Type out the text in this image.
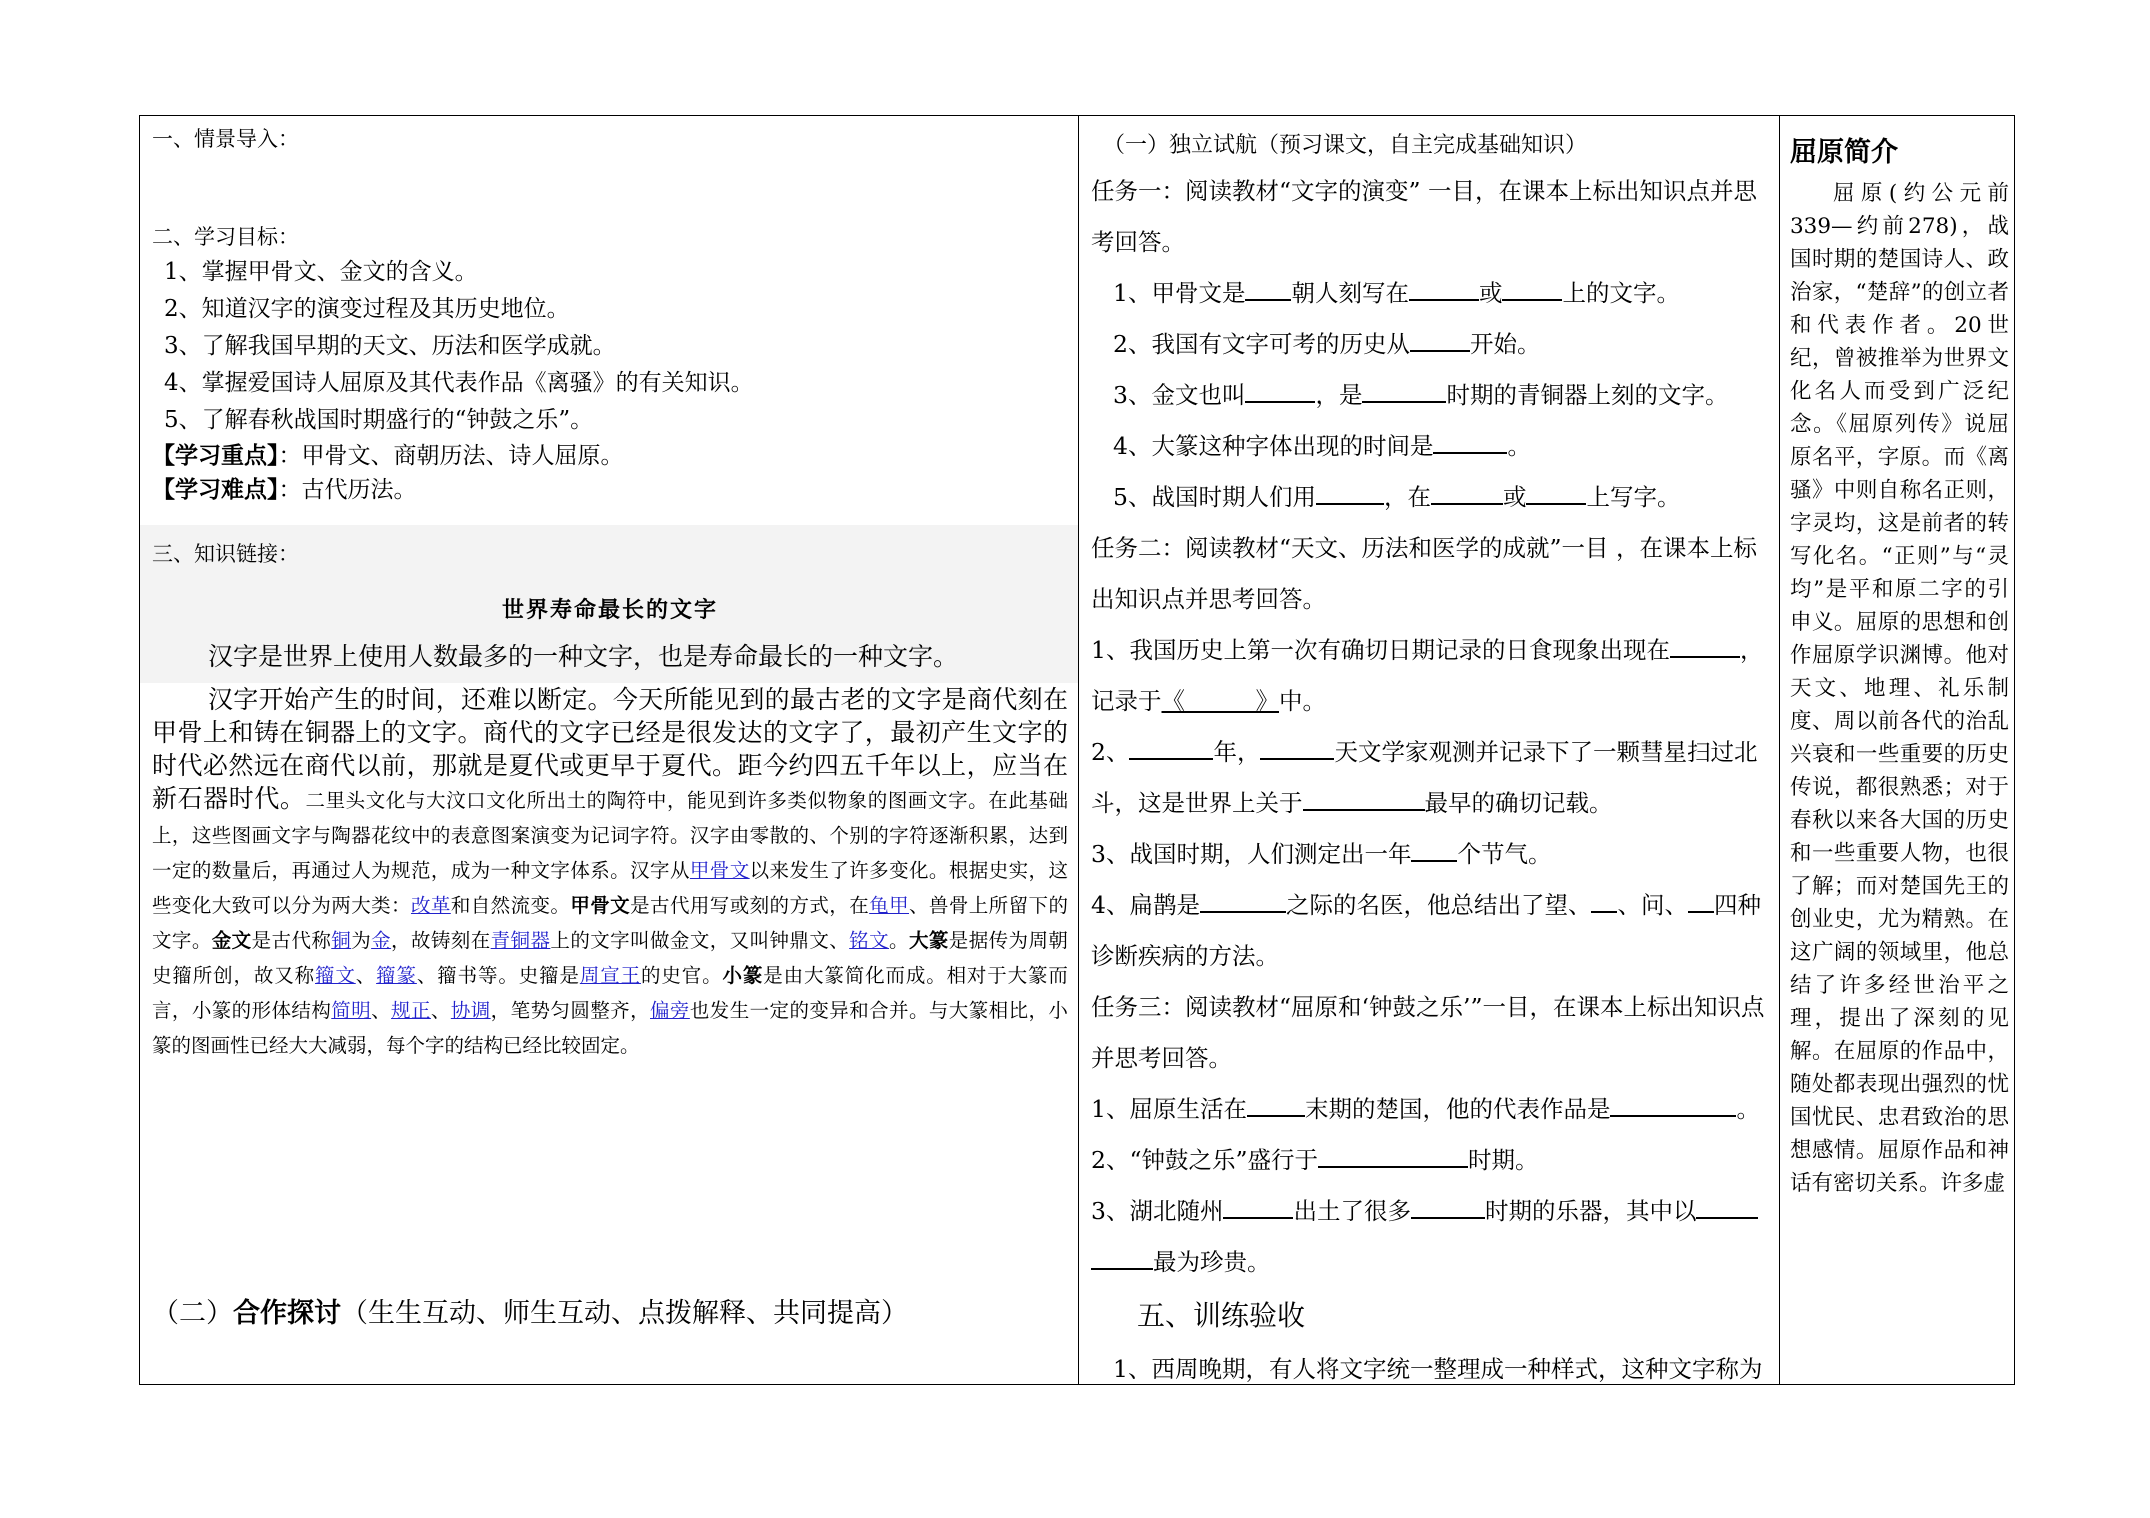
一、情景导入：

二、学习目标：

1、掌握甲骨文、金文的含义。

2、知道汉字的演变过程及其历史地位。

3、了解我国早期的天文、历法和医学成就。

4、掌握爱国诗人屈原及其代表作品《离骚》的有关知识。

5、了解春秋战国时期盛行的“钟鼓之乐”。

【学习重点】：甲骨文、商朝历法、诗人屈原。

【学习难点】：古代历法。

三、知识链接：

世界寿命最长的文字

汉字是世界上使用人数最多的一种文字，也是寿命最长的一种文字。

汉字开始产生的时间，还难以断定。今天所能见到的最古老的文字是商代刻在甲骨上和铸在铜器上的文字。商代的文字已经是很发达的文字了，最初产生文字的时代必然远在商代以前，那就是夏代或更早于夏代。距今约四五千年以上，应当在新石器时代。二里头文化与大汶口文化所出土的陶符中，能见到许多类似物象的图画文字。在此基础上，这些图画文字与陶器花纹中的表意图案演变为记词字符。汉字由零散的、个别的字符逐渐积累，达到一定的数量后，再通过人为规范，成为一种文字体系。汉字从甲骨文以来发生了许多变化。根据史实，这些变化大致可以分为两大类：改革和自然流变。甲骨文是古代用写或刻的方式，在龟甲、兽骨上所留下的文字。金文是古代称铜为金，故铸刻在青铜器上的文字叫做金文，又叫钟鼎文、铭文。大篆是据传为周朝史籀所创，故又称籀文、籀篆、籀书等。史籀是周宣王的史官。小篆是由大篆简化而成。相对于大篆而言，小篆的形体结构简明、规正、协调，笔势匀圆整齐，偏旁也发生一定的变异和合并。与大篆相比，小篆的图画性已经大大减弱，每个字的结构已经比较固定。

（二）合作探讨（生生互动、师生互动、点拨解释、共同提高）

（一）独立试航（预习课文，自主完成基础知识）

任务一：阅读教材“文字的演变” 一目，在课本上标出知识点并思考回答。

1、甲骨文是 朝人刻写在	或	上的文字。

2、我国有文字可考的历史从	开始。

3、金文也叫	，是	时期的青铜器上刻的文字。

4、大篆这种字体出现的时间是	。

5、战国时期人们用	，在	或	上写字。

任务二：阅读教材“天文、历法和医学的成就”一目 ，在课本上标出知识点并思考回答。

1、我国历史上第一次有确切日期记录的日食现象出现在	，

记录于《　　　	》中。

2、	年，	天文学家观测并记录下了一颗彗星扫过北

斗，这是世界上关于	最早的确切记载。

3、战国时期，人们测定出一年 个节气。

4、扁鹊是	之际的名医，他总结出了望、 、问、 四种

诊断疾病的方法。

任务三：阅读教材“屈原和‘钟鼓之乐’”一目，在课本上标出知识点并思考回答。

1、屈原生活在 末期的楚国，他的代表作品是	。

2、“钟鼓之乐”盛行于	时期。

3、湖北随州	出土了很多	时期的乐器，其中以

最为珍贵。

五、训练验收

1、西周晚期，有人将文字统一整理成一种样式，这种文字称为

屈原简介

屈原(约公元前339—约前278)，战国时期的楚国诗人、政治家，“楚辞”的创立者和代表作者。20世纪，曾被推举为世界文化名人而受到广泛纪念。《屈原列传》说屈原名平，字原。而《离骚》中则自称名正则，字灵均，这是前者的转写化名。“正则”与“灵均”是平和原二字的引申义。屈原的思想和创作屈原学识渊博。他对天文、地理、礼乐制度、周以前各代的治乱兴衰和一些重要的历史传说，都很熟悉；对于春秋以来各大国的历史和一些重要人物，也很了解；而对楚国先王的创业史，尤为精熟。在这广阔的领域里，他总结了许多经世治平之理，提出了深刻的见解。在屈原的作品中，随处都表现出强烈的忧国忧民、忠君致治的思想感情。屈原作品和神话有密切关系。许多虚
